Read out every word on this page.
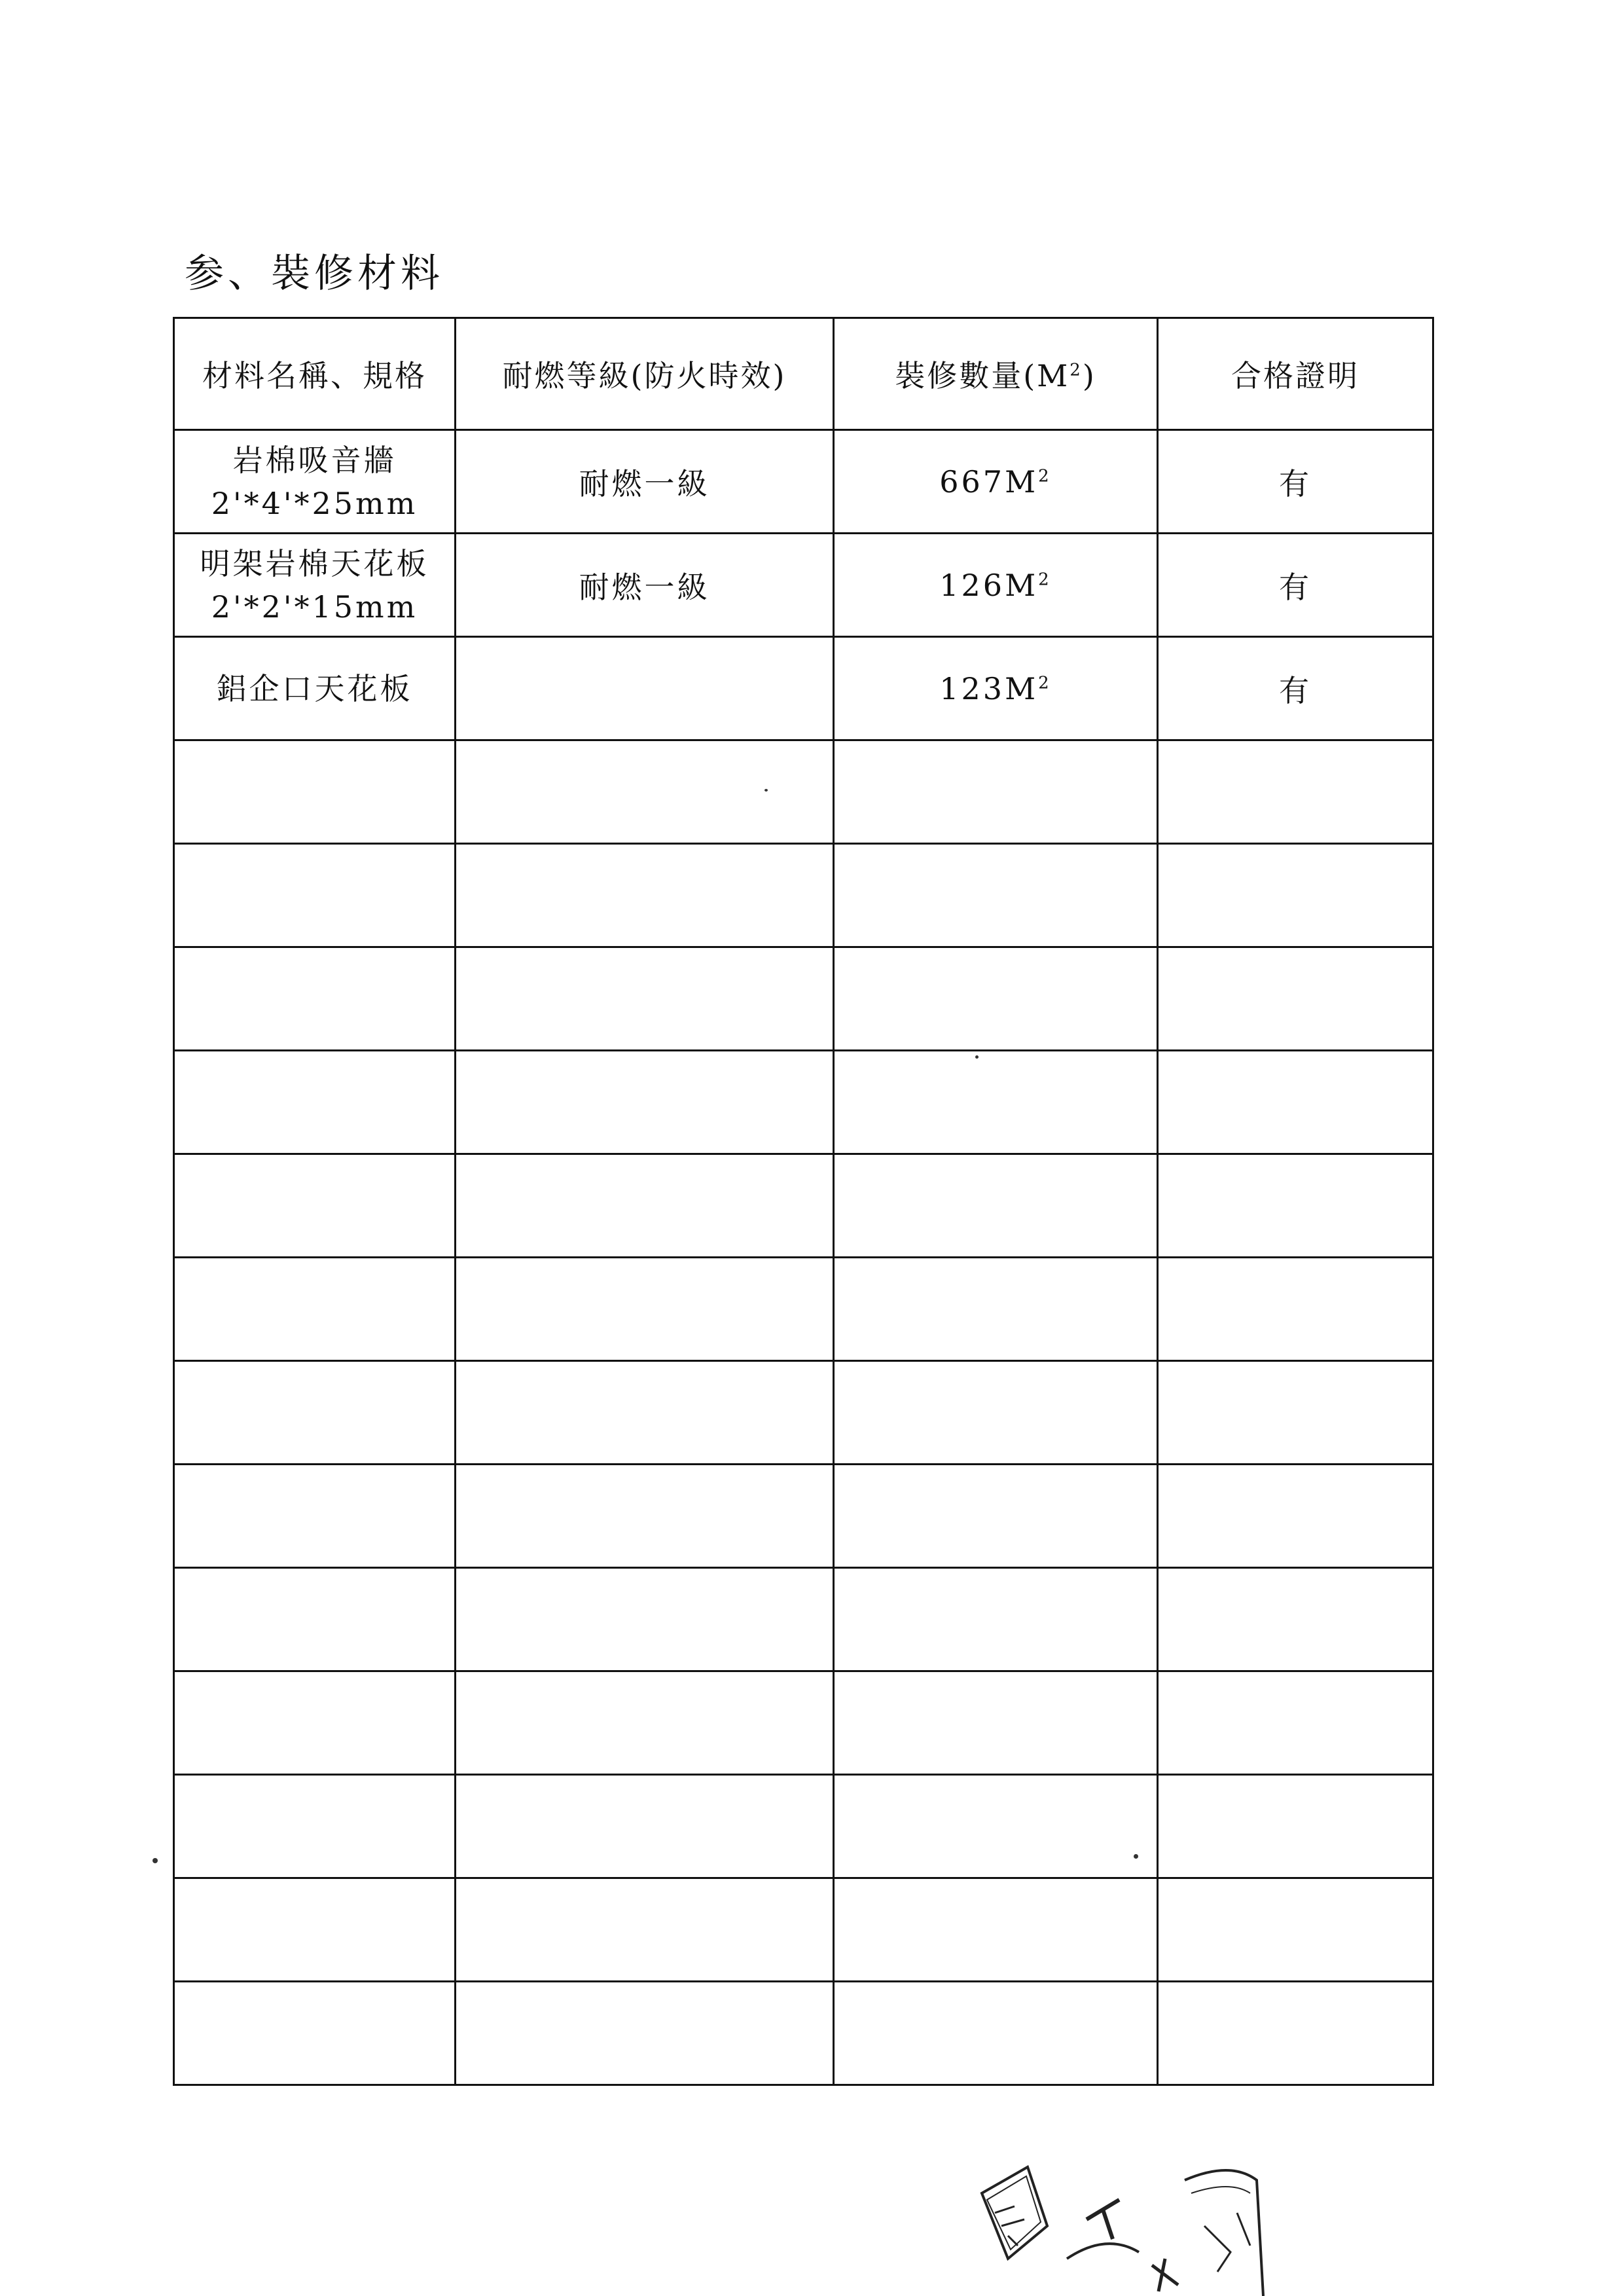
参、裝修材料
材料名稱、規格	耐燃等級(防火時效)	裝修數量$(M^2)$	合格證明

岩棉吸音牆
2'*4'*25mm	耐燃一級	$667M^2$	有

明架岩棉天花板
2'*2'*15mm	耐燃一級	$126M^2$	有

鋁企口天花板		$123M^2$	有
